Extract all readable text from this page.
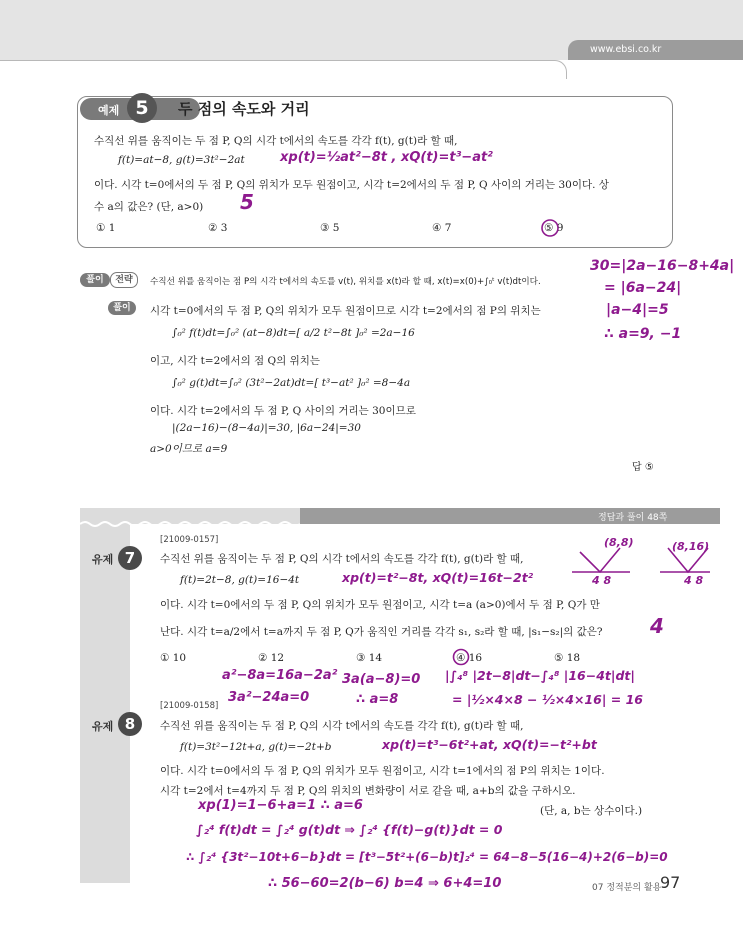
www.ebsi.co.kr
예제 5	두 점의 속도와 거리
수직선 위를 움직이는 두 점 P, Q의 시각 t에서의 속도를 각각 f(t), g(t)라 할 때,
f(t)=at−8, g(t)=3t²−2at	xp(t)=½at²−8t , xQ(t)=t³−at²
이다. 시각 t=0에서의 두 점 P, Q의 위치가 모두 원점이고, 시각 t=2에서의 두 점 P, Q 사이의 거리는 30이다. 상
수 a의 값은? (단, a>0) 5
① 1	② 3	③ 5	④ 7	⑤ 9
풀이	전략	수직선 위를 움직이는 점 P의 시각 t에서의 속도를 v(t), 위치를 x(t)라 할 때, x(t)=x(0)+∫₀ᵗ v(t)dt이다.
풀이	시각 t=0에서의 두 점 P, Q의 위치가 모두 원점이므로 시각 t=2에서의 점 P의 위치는
∫₀² f(t)dt=∫₀² (at−8)dt=[ a/2 t²−8t ]₀² =2a−16
이고, 시각 t=2에서의 점 Q의 위치는
∫₀² g(t)dt=∫₀² (3t²−2at)dt=[ t³−at² ]₀² =8−4a
이다. 시각 t=2에서의 두 점 P, Q 사이의 거리는 30이므로
|(2a−16)−(8−4a)|=30, |6a−24|=30
a>0이므로 a=9
답 ⑤
30=|2a−16−8+4a|
= |6a−24|
|a−4|=5
∴ a=9, −1
정답과 풀이 48쪽
[21009-0157]
유제 7	수직선 위를 움직이는 두 점 P, Q의 시각 t에서의 속도를 각각 f(t), g(t)라 할 때,
f(t)=2t−8, g(t)=16−4t	xp(t)=t²−8t, xQ(t)=16t−2t²
이다. 시각 t=0에서의 두 점 P, Q의 위치가 모두 원점이고, 시각 t=a (a>0)에서 두 점 P, Q가 만
난다. 시각 t=a/2에서 t=a까지 두 점 P, Q가 움직인 거리를 각각 s₁, s₂라 할 때, |s₁−s₂|의 값은? 4
① 10	② 12	③ 14	④ 16	⑤ 18
(8,8)	(8,16)
4 8	4 8
a²−8a=16a−2a²
3a²−24a=0
3a(a−8)=0
∴ a=8
|∫₄⁸ |2t−8|dt−∫₄⁸ |16−4t|dt|
= |½×4×8 − ½×4×16| = 16
[21009-0158]
유제 8	수직선 위를 움직이는 두 점 P, Q의 시각 t에서의 속도를 각각 f(t), g(t)라 할 때,
f(t)=3t²−12t+a, g(t)=−2t+b	xp(t)=t³−6t²+at, xQ(t)=−t²+bt
이다. 시각 t=0에서의 두 점 P, Q의 위치가 모두 원점이고, 시각 t=1에서의 점 P의 위치는 1이다.
시각 t=2에서 t=4까지 두 점 P, Q의 위치의 변화량이 서로 같을 때, a+b의 값을 구하시오.
(단, a, b는 상수이다.)
xp(1)=1−6+a=1 ∴ a=6
∫₂⁴ f(t)dt = ∫₂⁴ g(t)dt ⇒ ∫₂⁴ {f(t)−g(t)}dt = 0
∴ ∫₂⁴ {3t²−10t+6−b}dt = [t³−5t²+(6−b)t]₂⁴ = 64−8−5(16−4)+2(6−b)=0
∴ 56−60=2(b−6) b=4 ⇒ 6+4=10	07 정적분의 활용
97
